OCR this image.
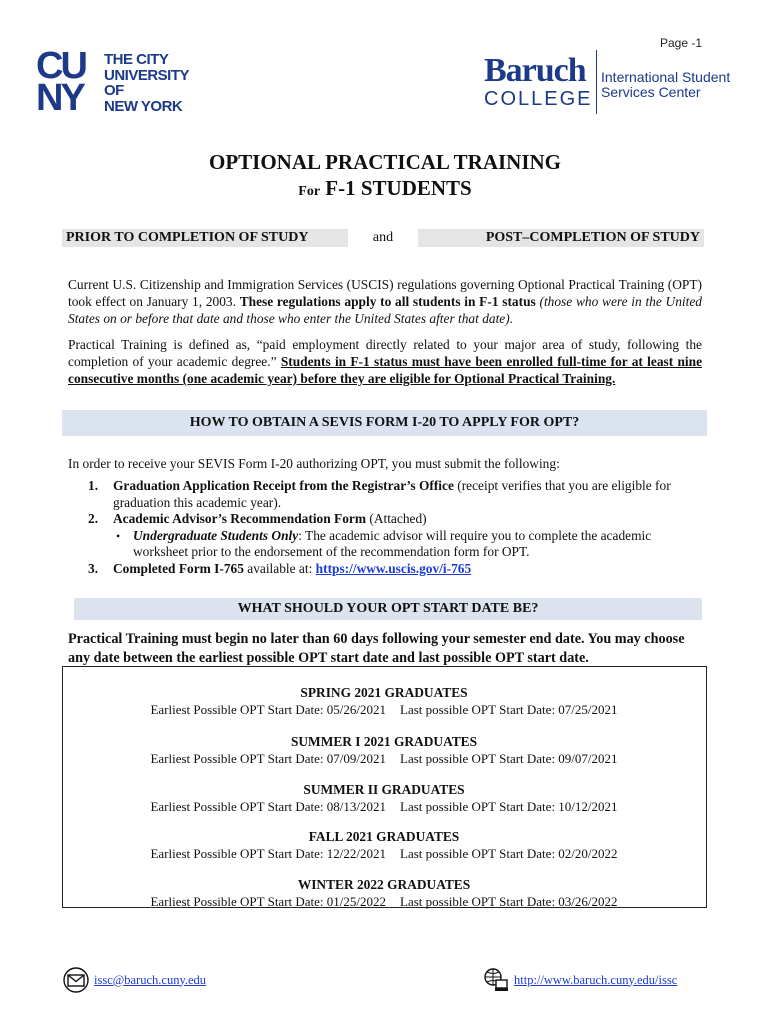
Page -1
CU
NY
THE CITY
UNIVERSITY
OF
NEW YORK
Baruch
COLLEGE
International Student
Services Center
OPTIONAL PRACTICAL TRAINING
For F-1 STUDENTS
PRIOR TO COMPLETION OF STUDY	and	POST–COMPLETION OF STUDY

Current U.S. Citizenship and Immigration Services (USCIS) regulations governing Optional Practical Training (OPT) took effect on January 1, 2003. These regulations apply to all students in F-1 status (those who were in the United States on or before that date and those who enter the United States after that date).

Practical Training is defined as, “paid employment directly related to your major area of study, following the completion of your academic degree.” Students in F-1 status must have been enrolled full-time for at least nine consecutive months (one academic year) before they are eligible for Optional Practical Training.

HOW TO OBTAIN A SEVIS FORM I-20 TO APPLY FOR OPT?
In order to receive your SEVIS Form I-20 authorizing OPT, you must submit the following:
1. Graduation Application Receipt from the Registrar’s Office (receipt verifies that you are eligible for graduation this academic year).
2. Academic Advisor’s Recommendation Form (Attached)
• Undergraduate Students Only: The academic advisor will require you to complete the academic worksheet prior to the endorsement of the recommendation form for OPT.
3. Completed Form I-765 available at: https://www.uscis.gov/i-765
WHAT SHOULD YOUR OPT START DATE BE?

Practical Training must begin no later than 60 days following your semester end date. You may choose any date between the earliest possible OPT start date and last possible OPT start date.

SPRING 2021 GRADUATES
Earliest Possible OPT Start Date: 05/26/2021 Last possible OPT Start Date: 07/25/2021
SUMMER I 2021 GRADUATES
Earliest Possible OPT Start Date: 07/09/2021 Last possible OPT Start Date: 09/07/2021
SUMMER II GRADUATES
Earliest Possible OPT Start Date: 08/13/2021 Last possible OPT Start Date: 10/12/2021
FALL 2021 GRADUATES
Earliest Possible OPT Start Date: 12/22/2021 Last possible OPT Start Date: 02/20/2022
WINTER 2022 GRADUATES
Earliest Possible OPT Start Date: 01/25/2022 Last possible OPT Start Date: 03/26/2022
issc@baruch.cuny.edu	http://www.baruch.cuny.edu/issc
